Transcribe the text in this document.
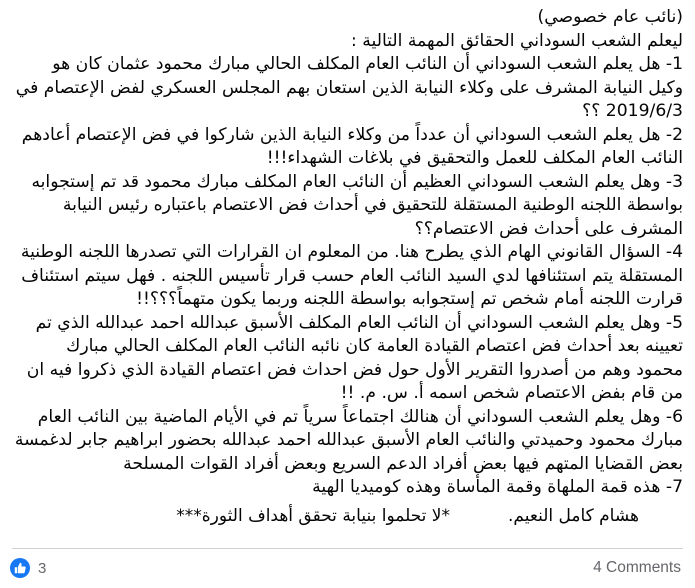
(نائب عام خصوصي)

ليعلم الشعب السوداني الحقائق المهمة التالية :

1- هل يعلم الشعب السوداني أن النائب العام المكلف الحالي مبارك محمود عثمان كان هو وكيل النيابة المشرف على وكلاء النيابة الذين استعان بهم المجلس العسكري لفض الإعتصام في 2019/6/3 ؟؟

2- هل يعلم الشعب السوداني أن عدداً من وكلاء النيابة الذين شاركوا في فض الإعتصام أعادهم النائب العام المكلف للعمل والتحقيق في بلاغات الشهداء!!!

3- وهل يعلم الشعب السوداني العظيم أن النائب العام المكلف مبارك محمود قد تم إستجوابه بواسطة اللجنه الوطنية المستقلة للتحقيق في أحداث فض الاعتصام باعتباره رئيس النيابة المشرف على أحداث فض الاعتصام؟؟

4- السؤال القانوني الهام الذي يطرح هنا. من المعلوم ان القرارات التي تصدرها اللجنه الوطنية المستقلة يتم استئنافها لدي السيد النائب العام حسب قرار تأسيس اللجنه . فهل سيتم استئناف قرارت اللجنه أمام شخص تم إستجوابه بواسطة اللجنه وربما يكون متهماً؟؟؟!!

5- وهل يعلم الشعب السوداني أن النائب العام المكلف الأسبق عبدالله احمد عبدالله الذي تم تعيينه بعد أحداث فض اعتصام القيادة العامة كان نائبه النائب العام المكلف الحالي مبارك محمود وهم من أصدروا التقرير الأول حول فض احداث فض اعتصام القيادة الذي ذكروا فيه ان من قام بفض الاعتصام شخص اسمه أ. س. م. !!

6- وهل يعلم الشعب السوداني أن هنالك اجتماعاً سرياً تم في الأيام الماضية بين النائب العام مبارك محمود وحميدتي والنائب العام الأسبق عبدالله احمد عبدالله بحضور ابراهيم جابر لدغمسة بعض القضايا المتهم فيها بعض أفراد الدعم السريع وبعض أفراد القوات المسلحة

7- هذه قمة الملهاة وقمة المأساة وهذه كوميديا الهية

هشام كامل النعيم.
*لا تحلموا بنيابة تحقق أهداف الثورة***
3	4 Comments
